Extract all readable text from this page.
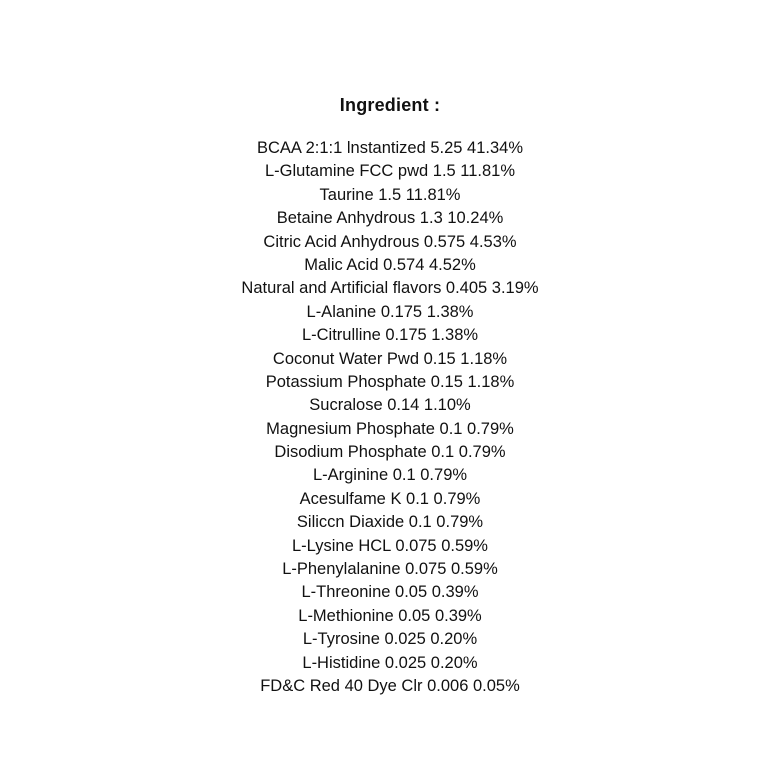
Ingredient :
BCAA 2:1:1 lnstantized 5.25 41.34%
L-Glutamine FCC pwd 1.5 11.81%
Taurine 1.5 11.81%
Betaine Anhydrous 1.3 10.24%
Citric Acid Anhydrous 0.575 4.53%
Malic Acid 0.574 4.52%
Natural and Artificial flavors 0.405 3.19%
L-Alanine 0.175 1.38%
L-Citrulline 0.175 1.38%
Coconut Water Pwd 0.15 1.18%
Potassium Phosphate 0.15 1.18%
Sucralose 0.14 1.10%
Magnesium Phosphate 0.1 0.79%
Disodium Phosphate 0.1 0.79%
L-Arginine 0.1 0.79%
Acesulfame K 0.1 0.79%
Siliccn Diaxide 0.1 0.79%
L-Lysine HCL 0.075 0.59%
L-Phenylalanine 0.075 0.59%
L-Threonine 0.05 0.39%
L-Methionine 0.05 0.39%
L-Tyrosine 0.025 0.20%
L-Histidine 0.025 0.20%
FD&C Red 40 Dye Clr 0.006 0.05%
